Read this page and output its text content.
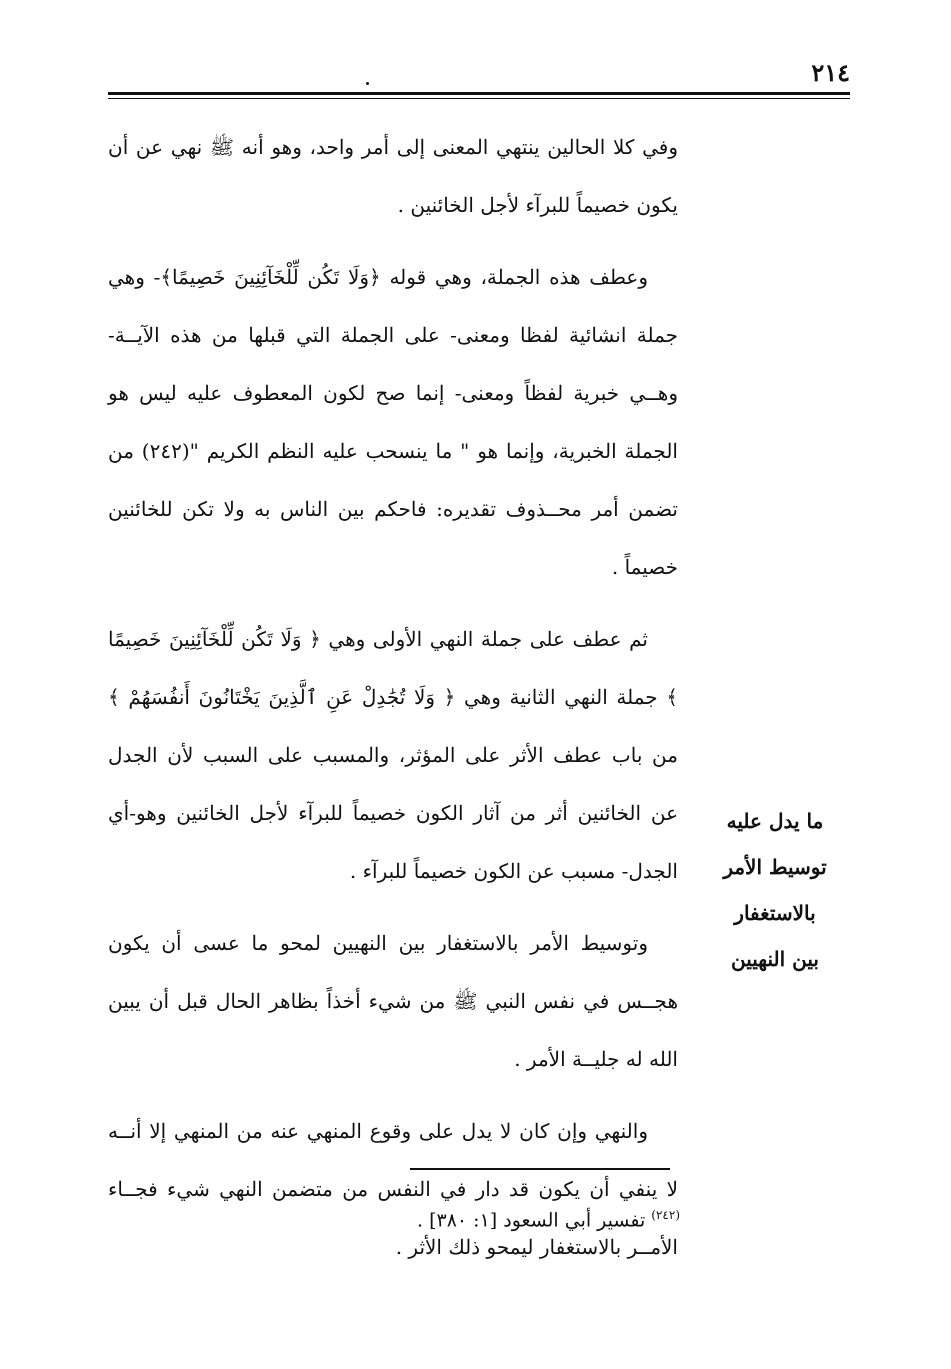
٢١٤

وفي كلا الحالين ينتهي المعنى إلى أمر واحد، وهو أنه ﷺ نهي عن أن يكون خصيماً للبرآء لأجل الخائنين .

وعطف هذه الجملة، وهي قوله ﴿وَلَا تَكُن لِّلْخَآئِنِينَ خَصِيمًا﴾- وهي جملة انشائية لفظا ومعنى- على الجملة التي قبلها من هذه الآيــة- وهــي خبرية لفظاً ومعنى- إنما صح لكون المعطوف عليه ليس هو الجملة الخبرية، وإنما هو " ما ينسحب عليه النظم الكريم "(٢٤٢) من تضمن أمر محــذوف تقديره: فاحكم بين الناس به ولا تكن للخائنين خصيماً .

ثم عطف على جملة النهي الأولى وهي ﴿ وَلَا تَكُن لِّلْخَآئِنِينَ خَصِيمًا ﴾ جملة النهي الثانية وهي ﴿ وَلَا تُجَٰدِلْ عَنِ ٱلَّذِينَ يَخْتَانُونَ أَنفُسَهُمْ ﴾ من باب عطف الأثر على المؤثر، والمسبب على السبب لأن الجدل عن الخائنين أثر من آثار الكون خصيماً للبرآء لأجل الخائنين وهو-أي الجدل- مسبب عن الكون خصيماً للبرآء .

وتوسيط الأمر بالاستغفار بين النهيين لمحو ما عسى أن يكون هجــس في نفس النبي ﷺ من شيء أخذاً بظاهر الحال قبل أن يبين الله له جليــة الأمر .

والنهي وإن كان لا يدل على وقوع المنهي عنه من المنهي إلا أنــه لا ينفي أن يكون قد دار في النفس من متضمن النهي شيء فجــاء الأمــر بالاستغفار ليمحو ذلك الأثر .

ما يدل عليه
توسيط الأمر
بالاستغفار
بين النهيين
$^{(٢٤٢)}$ تفسير أبي السعود [١: ٣٨٠] .
